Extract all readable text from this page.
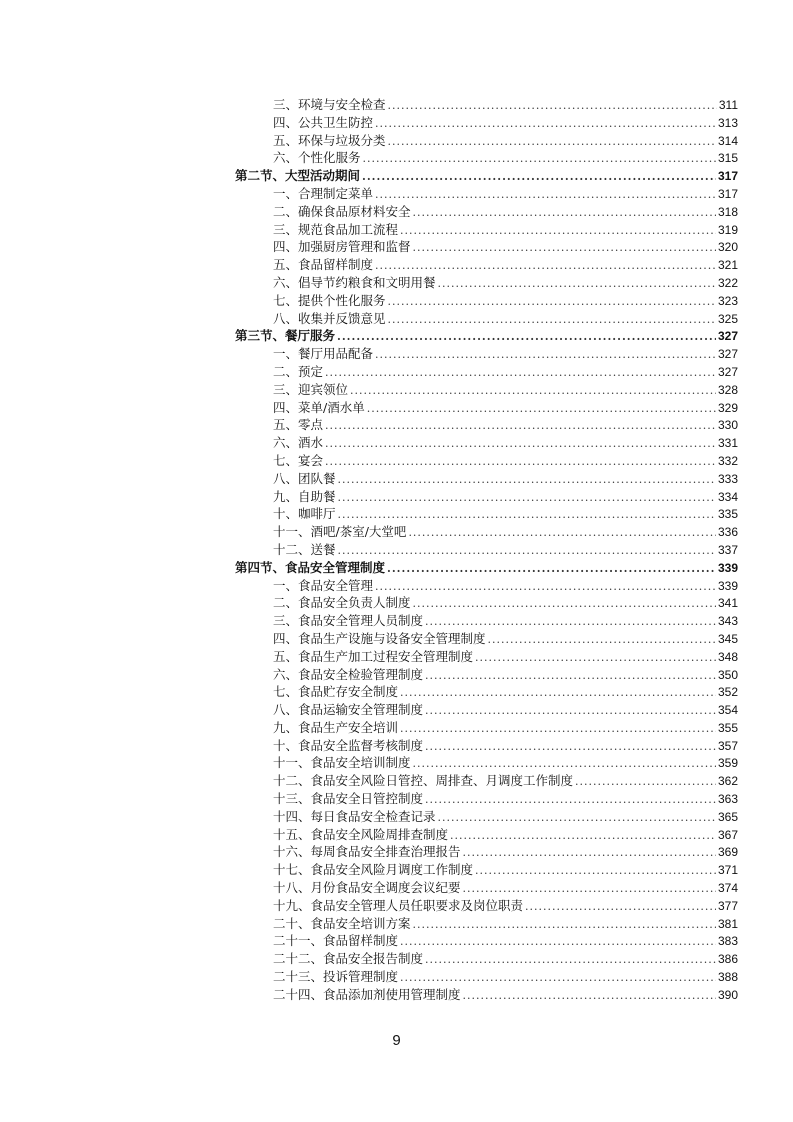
三、环境与安全检查 .....	311
四、公共卫生防控 .....	313
五、环保与垃圾分类 .....	314
六、个性化服务 .....	315
第二节、大型活动期间 .....	317
一、合理制定菜单 .....	317
二、确保食品原材料安全 .....	318
三、规范食品加工流程 .....	319
四、加强厨房管理和监督 .....	320
五、食品留样制度 .....	321
六、倡导节约粮食和文明用餐 .....	322
七、提供个性化服务 .....	323
八、收集并反馈意见 .....	325
第三节、餐厅服务 .....	327
一、餐厅用品配备 .....	327
二、预定 .....	327
三、迎宾领位 .....	328
四、菜单/酒水单 .....	329
五、零点 .....	330
六、酒水 .....	331
七、宴会 .....	332
八、团队餐 .....	333
九、自助餐 .....	334
十、咖啡厅 .....	335
十一、酒吧/茶室/大堂吧 .....	336
十二、送餐 .....	337
第四节、食品安全管理制度 .....	339
一、食品安全管理 .....	339
二、食品安全负责人制度 .....	341
三、食品安全管理人员制度 .....	343
四、食品生产设施与设备安全管理制度 .....	345
五、食品生产加工过程安全管理制度 .....	348
六、食品安全检验管理制度 .....	350
七、食品贮存安全制度 .....	352
八、食品运输安全管理制度 .....	354
九、食品生产安全培训 .....	355
十、食品安全监督考核制度 .....	357
十一、食品安全培训制度 .....	359
十二、食品安全风险日管控、周排查、月调度工作制度 .....	362
十三、食品安全日管控制度 .....	363
十四、每日食品安全检查记录 .....	365
十五、食品安全风险周排查制度 .....	367
十六、每周食品安全排查治理报告 .....	369
十七、食品安全风险月调度工作制度 .....	371
十八、月份食品安全调度会议纪要 .....	374
十九、食品安全管理人员任职要求及岗位职责 .....	377
二十、食品安全培训方案 .....	381
二十一、食品留样制度 .....	383
二十二、食品安全报告制度 .....	386
二十三、投诉管理制度 .....	388
二十四、食品添加剂使用管理制度 .....	390
9
